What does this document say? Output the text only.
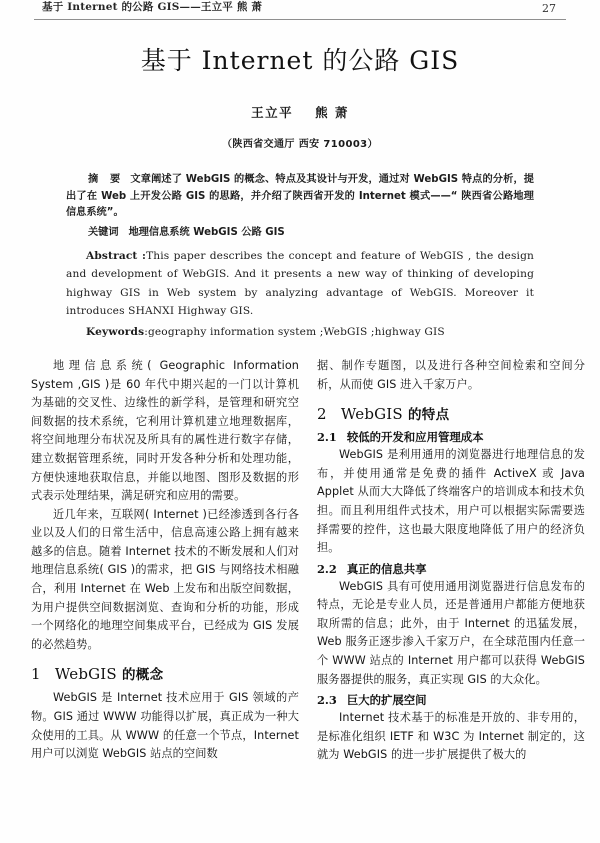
基于 Internet 的公路 GIS——王立平 熊 萧	27
基于 Internet 的公路 GIS
王立平 熊 萧
（陕西省交通厅 西安 710003）
摘 要 文章阐述了 WebGIS 的概念、特点及其设计与开发，通过对 WebGIS 特点的分析，提出了在 Web 上开发公路 GIS 的思路，并介绍了陕西省开发的 Internet 模式——“ 陕西省公路地理信息系统”。
关键词 地理信息系统 WebGIS 公路 GIS
Abstract :This paper describes the concept and feature of WebGIS , the design and development of WebGIS. And it presents a new way of thinking of developing highway GIS in Web system by analyzing advantage of WebGIS. Moreover it introduces SHANXI Highway GIS.
Keywords:geography information system ;WebGIS ;highway GIS

地理信息系统( Geographic Information System ,GIS )是 60 年代中期兴起的一门以计算机为基础的交叉性、边缘性的新学科，是管理和研究空间数据的技术系统，它利用计算机建立地理数据库，将空间地理分布状况及所具有的属性进行数字存储，建立数据管理系统，同时开发各种分析和处理功能，方便快速地获取信息，并能以地图、图形及数据的形式表示处理结果，满足研究和应用的需要。

近几年来，互联网( Internet )已经渗透到各行各业以及人们的日常生活中，信息高速公路上拥有越来越多的信息。随着 Internet 技术的不断发展和人们对地理信息系统( GIS )的需求，把 GIS 与网络技术相融合，利用 Internet 在 Web 上发布和出版空间数据，为用户提供空间数据浏览、查询和分析的功能，形成一个网络化的地理空间集成平台，已经成为 GIS 发展的必然趋势。

1 WebGIS 的概念

WebGIS 是 Internet 技术应用于 GIS 领域的产物。GIS 通过 WWW 功能得以扩展，真正成为一种大众使用的工具。从 WWW 的任意一个节点，Internet 用户可以浏览 WebGIS 站点的空间数

据、制作专题图，以及进行各种空间检索和空间分析，从而使 GIS 进入千家万户。

2 WebGIS 的特点
2.1 较低的开发和应用管理成本

WebGIS 是利用通用的浏览器进行地理信息的发布，并使用通常是免费的插件 ActiveX 或 Java Applet 从而大大降低了终端客户的培训成本和技术负担。而且利用组件式技术，用户可以根据实际需要选择需要的控件，这也最大限度地降低了用户的经济负担。

2.2 真正的信息共享

WebGIS 具有可使用通用浏览器进行信息发布的特点，无论是专业人员，还是普通用户都能方便地获取所需的信息；此外，由于 Internet 的迅猛发展，Web 服务正逐步渗入千家万户，在全球范围内任意一个 WWW 站点的 Internet 用户都可以获得 WebGIS 服务器提供的服务，真正实现 GIS 的大众化。

2.3 巨大的扩展空间

Internet 技术基于的标准是开放的、非专用的，是标准化组织 IETF 和 W3C 为 Internet 制定的，这就为 WebGIS 的进一步扩展提供了极大的
